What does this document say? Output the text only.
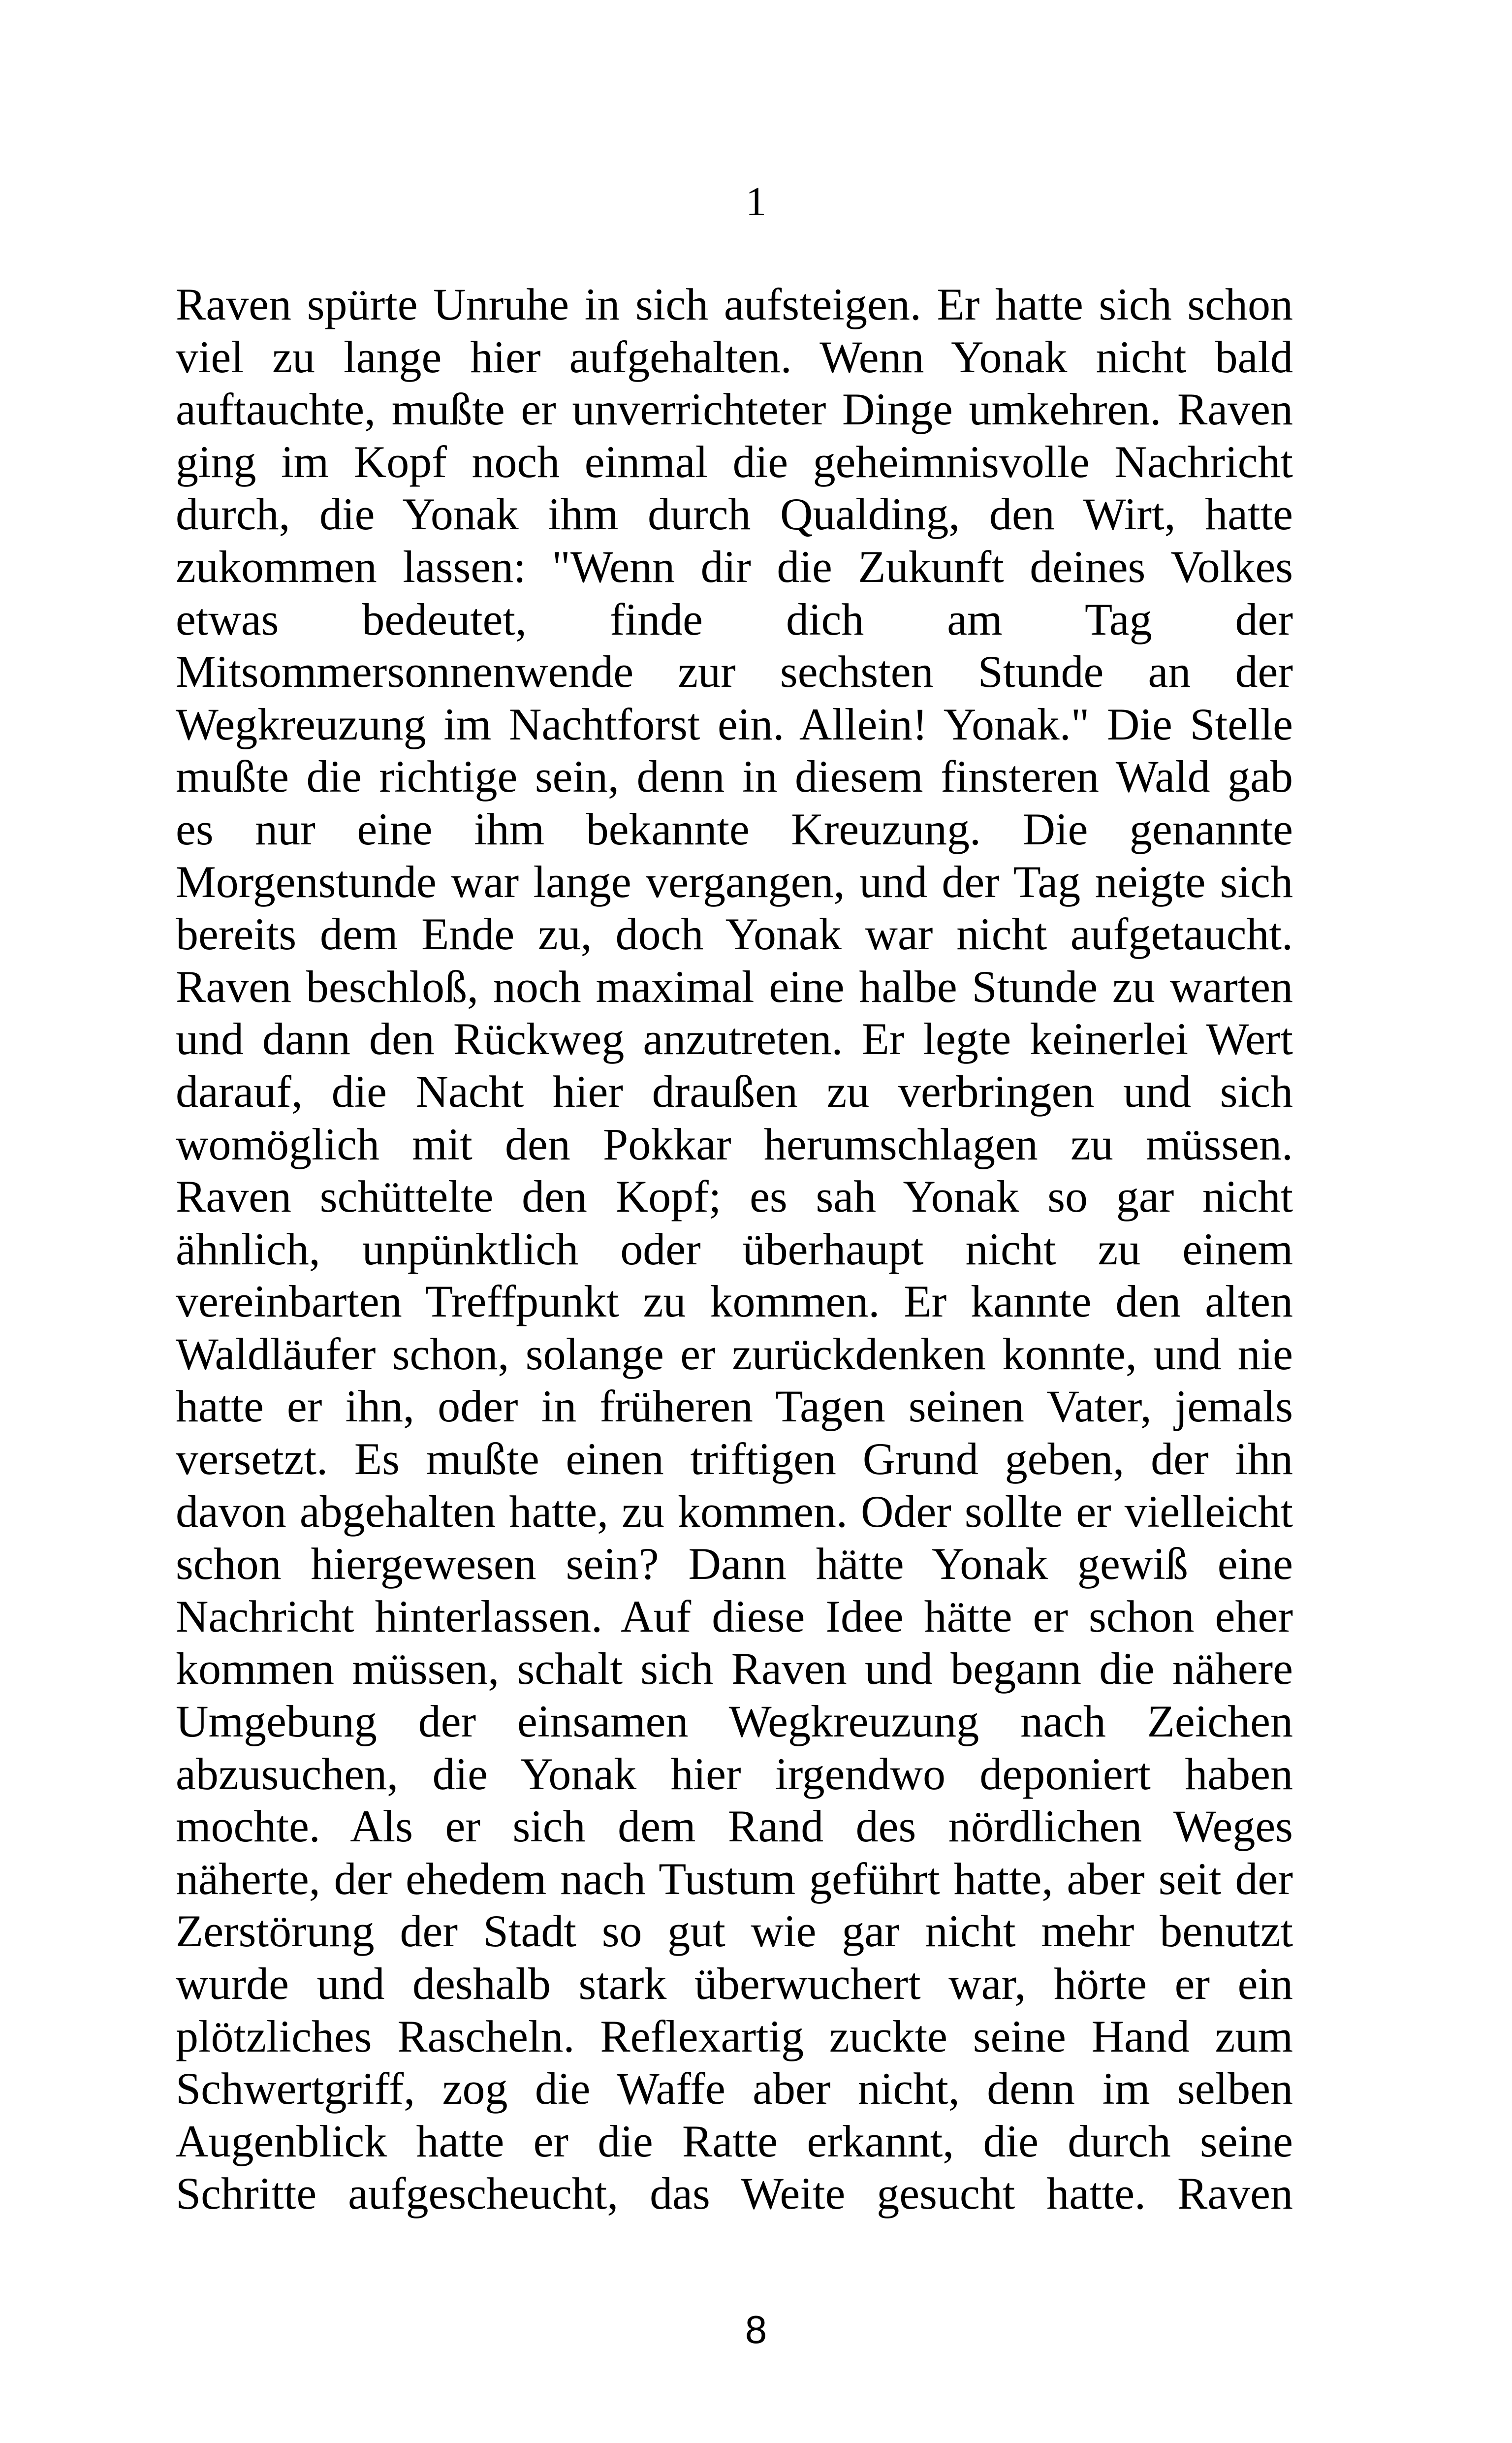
1
Raven spürte Unruhe in sich aufsteigen. Er hatte sich schon
viel zu lange hier aufgehalten. Wenn Yonak nicht bald
auftauchte, mußte er unverrichteter Dinge umkehren. Raven
ging im Kopf noch einmal die geheimnisvolle Nachricht
durch, die Yonak ihm durch Qualding, den Wirt, hatte
zukommen lassen: "Wenn dir die Zukunft deines Volkes
etwas bedeutet, finde dich am Tag der
Mitsommersonnenwende zur sechsten Stunde an der
Wegkreuzung im Nachtforst ein. Allein! Yonak." Die Stelle
mußte die richtige sein, denn in diesem finsteren Wald gab
es nur eine ihm bekannte Kreuzung. Die genannte
Morgenstunde war lange vergangen, und der Tag neigte sich
bereits dem Ende zu, doch Yonak war nicht aufgetaucht.
Raven beschloß, noch maximal eine halbe Stunde zu warten
und dann den Rückweg anzutreten. Er legte keinerlei Wert
darauf, die Nacht hier draußen zu verbringen und sich
womöglich mit den Pokkar herumschlagen zu müssen.
Raven schüttelte den Kopf; es sah Yonak so gar nicht
ähnlich, unpünktlich oder überhaupt nicht zu einem
vereinbarten Treffpunkt zu kommen. Er kannte den alten
Waldläufer schon, solange er zurückdenken konnte, und nie
hatte er ihn, oder in früheren Tagen seinen Vater, jemals
versetzt. Es mußte einen triftigen Grund geben, der ihn
davon abgehalten hatte, zu kommen. Oder sollte er vielleicht
schon hiergewesen sein? Dann hätte Yonak gewiß eine
Nachricht hinterlassen. Auf diese Idee hätte er schon eher
kommen müssen, schalt sich Raven und begann die nähere
Umgebung der einsamen Wegkreuzung nach Zeichen
abzusuchen, die Yonak hier irgendwo deponiert haben
mochte. Als er sich dem Rand des nördlichen Weges
näherte, der ehedem nach Tustum geführt hatte, aber seit der
Zerstörung der Stadt so gut wie gar nicht mehr benutzt
wurde und deshalb stark überwuchert war, hörte er ein
plötzliches Rascheln. Reflexartig zuckte seine Hand zum
Schwertgriff, zog die Waffe aber nicht, denn im selben
Augenblick hatte er die Ratte erkannt, die durch seine
Schritte aufgescheucht, das Weite gesucht hatte. Raven
8
